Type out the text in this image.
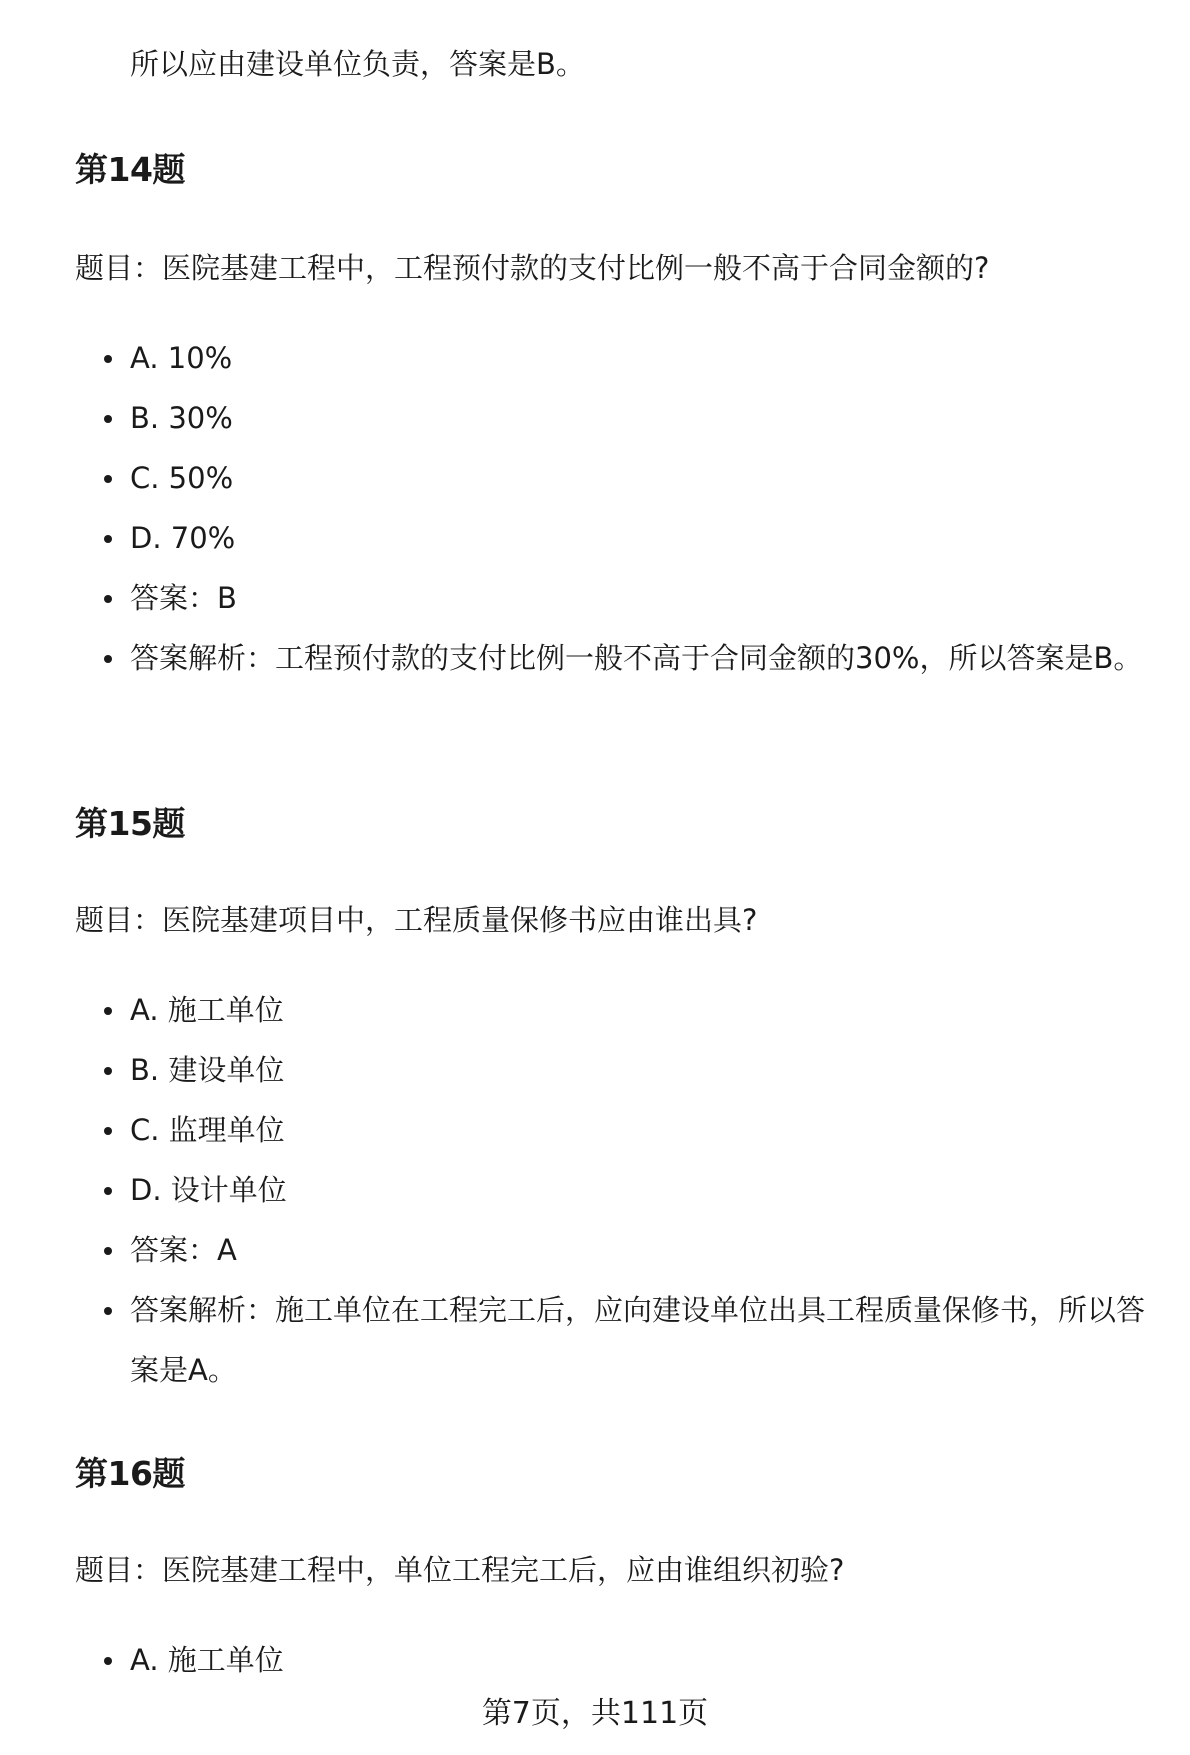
所以应由建设单位负责，答案是B。
第14题
题目：医院基建工程中，工程预付款的支付比例一般不高于合同金额的?
A. 10%
B. 30%
C. 50%
D. 70%
答案：B
答案解析：工程预付款的支付比例一般不高于合同金额的30%，所以答案是B。
第15题
题目：医院基建项目中，工程质量保修书应由谁出具?
A. 施工单位
B. 建设单位
C. 监理单位
D. 设计单位
答案：A
答案解析：施工单位在工程完工后，应向建设单位出具工程质量保修书，所以答案是A。
第16题
题目：医院基建工程中，单位工程完工后，应由谁组织初验?
A. 施工单位
第7页，共111页
